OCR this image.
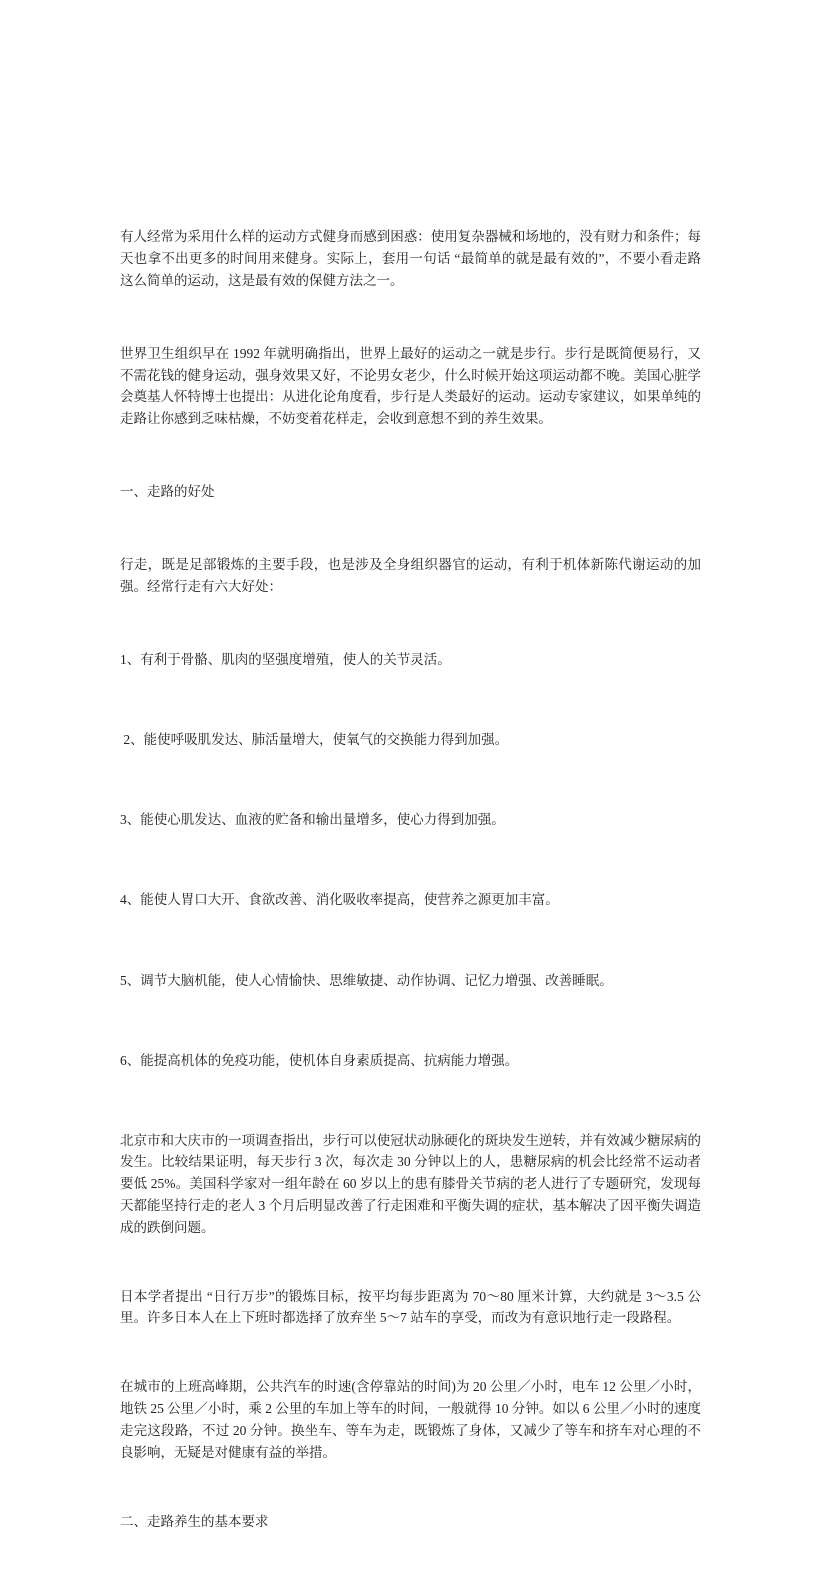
有人经常为采用什么样的运动方式健身而感到困惑：使用复杂器械和场地的，没有财力和条件；每天也拿不出更多的时间用来健身。实际上，套用一句话 “最简单的就是最有效的”，不要小看走路这么简单的运动，这是最有效的保健方法之一。

世界卫生组织早在 1992 年就明确指出，世界上最好的运动之一就是步行。步行是既简便易行，又不需花钱的健身运动，强身效果又好，不论男女老少，什么时候开始这项运动都不晚。美国心脏学会奠基人怀特博士也提出：从进化论角度看，步行是人类最好的运动。运动专家建议，如果单纯的走路让你感到乏味枯燥，不妨变着花样走，会收到意想不到的养生效果。

一、走路的好处

行走，既是足部锻炼的主要手段，也是涉及全身组织器官的运动，有利于机体新陈代谢运动的加强。经常行走有六大好处：

1、有利于骨骼、肌肉的坚强度增殖，使人的关节灵活。

2、能使呼吸肌发达、肺活量增大，使氧气的交换能力得到加强。

3、能使心肌发达、血液的贮备和输出量增多，使心力得到加强。

4、能使人胃口大开、食欲改善、消化吸收率提高，使营养之源更加丰富。

5、调节大脑机能，使人心情愉快、思维敏捷、动作协调、记忆力增强、改善睡眠。

6、能提高机体的免疫功能，使机体自身素质提高、抗病能力增强。

北京市和大庆市的一项调查指出，步行可以使冠状动脉硬化的斑块发生逆转，并有效减少糖尿病的发生。比较结果证明，每天步行 3 次，每次走 30 分钟以上的人，患糖尿病的机会比经常不运动者要低 25%。美国科学家对一组年龄在 60 岁以上的患有膝骨关节病的老人进行了专题研究，发现每天都能坚持行走的老人 3 个月后明显改善了行走困难和平衡失调的症状，基本解决了因平衡失调造成的跌倒问题。

日本学者提出 “日行万步”的锻炼目标，按平均每步距离为 70～80 厘米计算，大约就是 3～3.5 公里。许多日本人在上下班时都选择了放弃坐 5～7 站车的享受，而改为有意识地行走一段路程。

在城市的上班高峰期，公共汽车的时速(含停靠站的时间)为 20 公里／小时，电车 12 公里／小时，地铁 25 公里／小时，乘 2 公里的车加上等车的时间，一般就得 10 分钟。如以 6 公里／小时的速度走完这段路，不过 20 分钟。换坐车、等车为走，既锻炼了身体，又减少了等车和挤车对心理的不良影响，无疑是对健康有益的举措。

二、走路养生的基本要求
